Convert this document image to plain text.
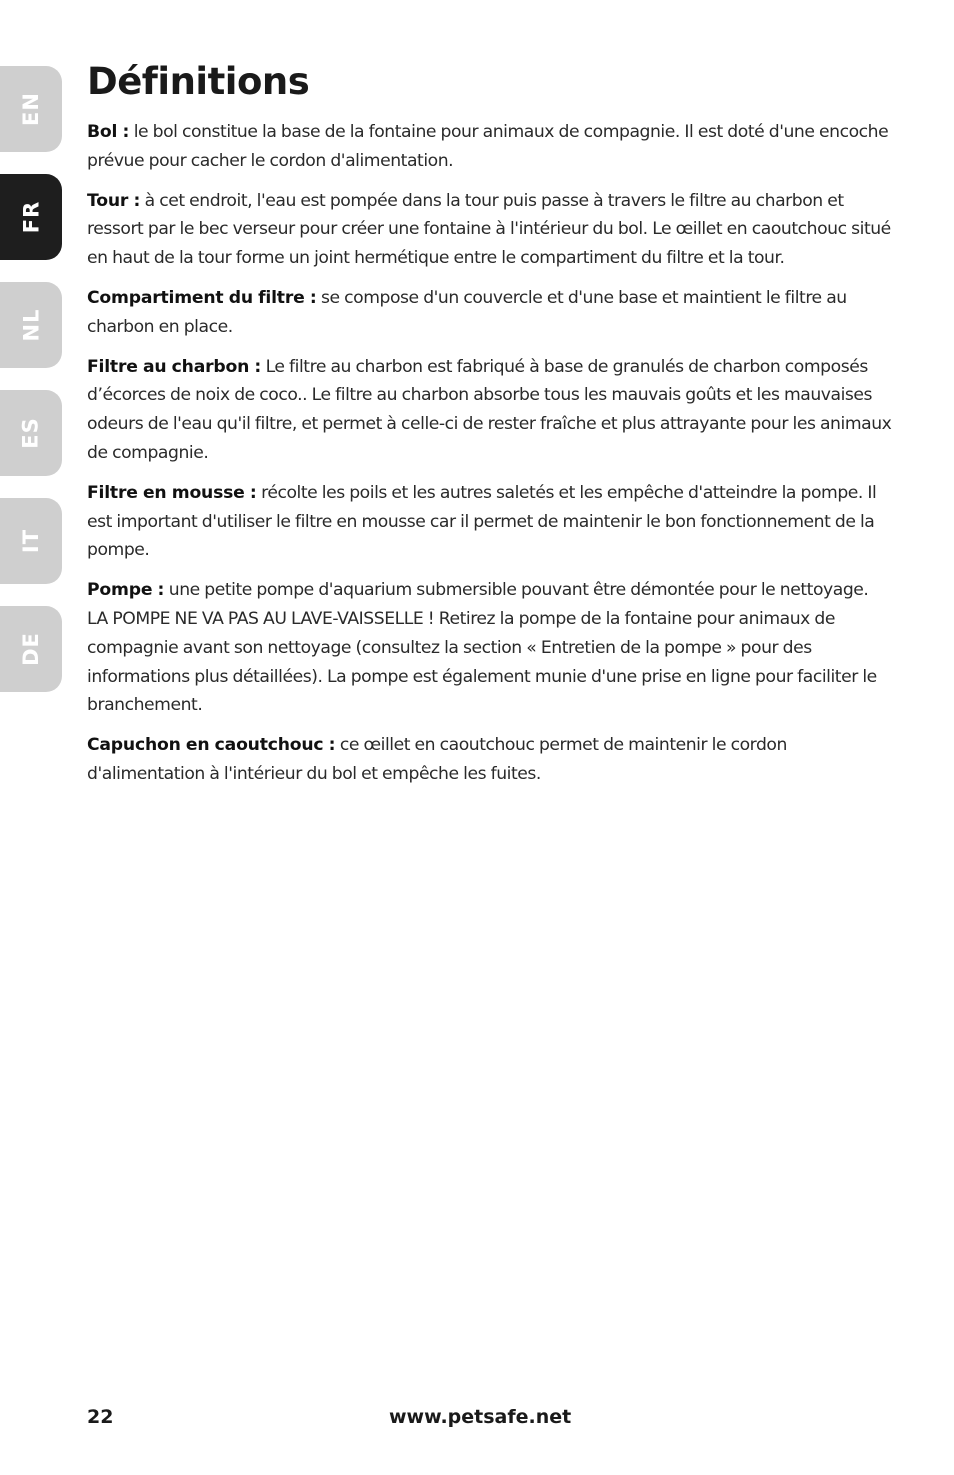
EN
FR
NL
ES
IT
DE
Définitions

Bol : le bol constitue la base de la fontaine pour animaux de compagnie. Il est doté d'une encoche prévue pour cacher le cordon d'alimentation.

Tour : à cet endroit, l'eau est pompée dans la tour puis passe à travers le filtre au charbon et ressort par le bec verseur pour créer une fontaine à l'intérieur du bol. Le œillet en caoutchouc situé en haut de la tour forme un joint hermétique entre le compartiment du filtre et la tour.

Compartiment du filtre : se compose d'un couvercle et d'une base et maintient le filtre au charbon en place.

Filtre au charbon : Le filtre au charbon est fabriqué à base de granulés de charbon composés d’écorces de noix de coco.. Le filtre au charbon absorbe tous les mauvais goûts et les mauvaises odeurs de l'eau qu'il filtre, et permet à celle-ci de rester fraîche et plus attrayante pour les animaux de compagnie.

Filtre en mousse : récolte les poils et les autres saletés et les empêche d'atteindre la pompe. Il est important d'utiliser le filtre en mousse car il permet de maintenir le bon fonctionnement de la pompe.

Pompe : une petite pompe d'aquarium submersible pouvant être démontée pour le nettoyage. LA POMPE NE VA PAS AU LAVE-VAISSELLE ! Retirez la pompe de la fontaine pour animaux de compagnie avant son nettoyage (consultez la section « Entretien de la pompe » pour des informations plus détaillées). La pompe est également munie d'une prise en ligne pour faciliter le branchement.

Capuchon en caoutchouc : ce œillet en caoutchouc permet de maintenir le cordon d'alimentation à l'intérieur du bol et empêche les fuites.

22	www.petsafe.net
